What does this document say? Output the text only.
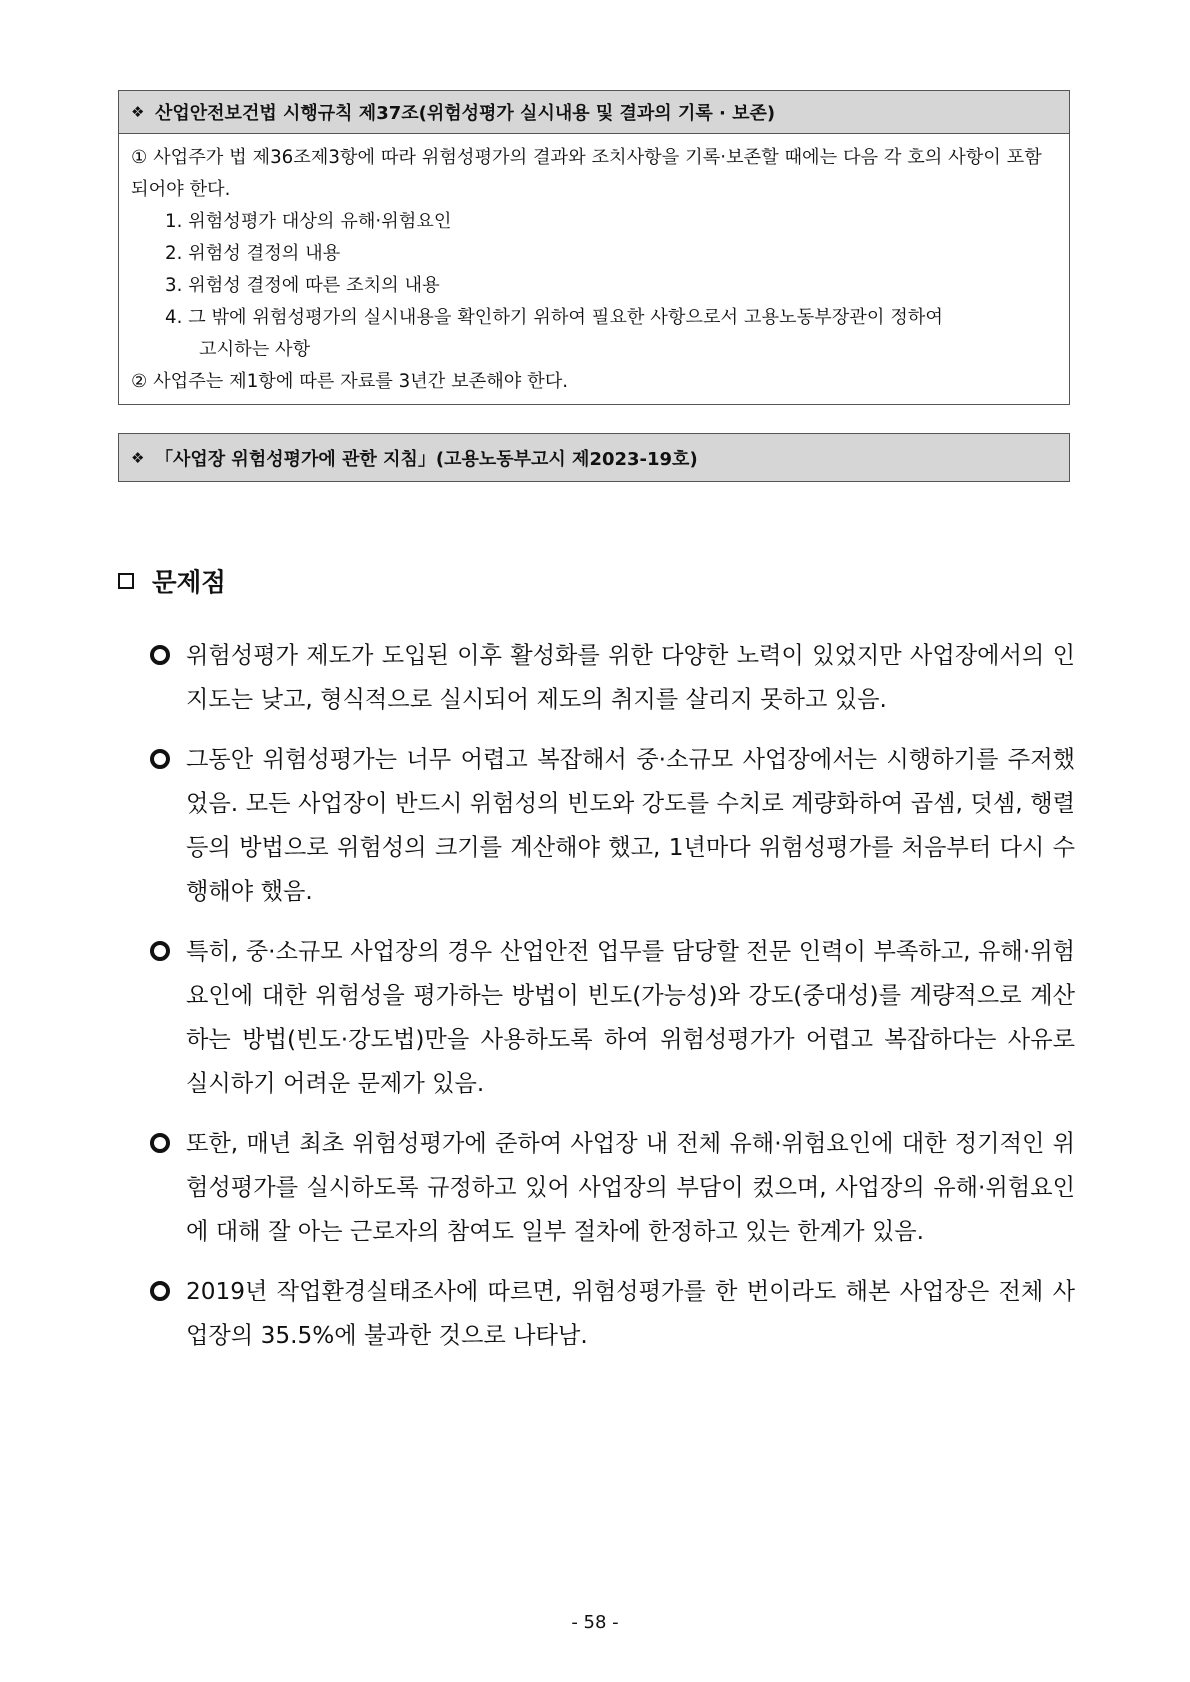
❖ 산업안전보건법 시행규칙 제37조(위험성평가 실시내용 및 결과의 기록 · 보존)

① 사업주가 법 제36조제3항에 따라 위험성평가의 결과와 조치사항을 기록·보존할 때에는 다음 각 호의 사항이 포함되어야 한다.

1. 위험성평가 대상의 유해·위험요인

2. 위험성 결정의 내용

3. 위험성 결정에 따른 조치의 내용

4. 그 밖에 위험성평가의 실시내용을 확인하기 위하여 필요한 사항으로서 고용노동부장관이 정하여

고시하는 사항

② 사업주는 제1항에 따른 자료를 3년간 보존해야 한다.

❖ 「사업장 위험성평가에 관한 지침」(고용노동부고시 제2023-19호)
문제점
위험성평가 제도가 도입된 이후 활성화를 위한 다양한 노력이 있었지만 사업장에서의 인지도는 낮고, 형식적으로 실시되어 제도의 취지를 살리지 못하고 있음.
그동안 위험성평가는 너무 어렵고 복잡해서 중·소규모 사업장에서는 시행하기를 주저했었음. 모든 사업장이 반드시 위험성의 빈도와 강도를 수치로 계량화하여 곱셈, 덧셈, 행렬 등의 방법으로 위험성의 크기를 계산해야 했고, 1년마다 위험성평가를 처음부터 다시 수행해야 했음.
특히, 중·소규모 사업장의 경우 산업안전 업무를 담당할 전문 인력이 부족하고, 유해·위험요인에 대한 위험성을 평가하는 방법이 빈도(가능성)와 강도(중대성)를 계량적으로 계산하는 방법(빈도·강도법)만을 사용하도록 하여 위험성평가가 어렵고 복잡하다는 사유로 실시하기 어려운 문제가 있음.
또한, 매년 최초 위험성평가에 준하여 사업장 내 전체 유해·위험요인에 대한 정기적인 위험성평가를 실시하도록 규정하고 있어 사업장의 부담이 컸으며, 사업장의 유해·위험요인에 대해 잘 아는 근로자의 참여도 일부 절차에 한정하고 있는 한계가 있음.
2019년 작업환경실태조사에 따르면, 위험성평가를 한 번이라도 해본 사업장은 전체 사업장의 35.5%에 불과한 것으로 나타남.
- 58 -
